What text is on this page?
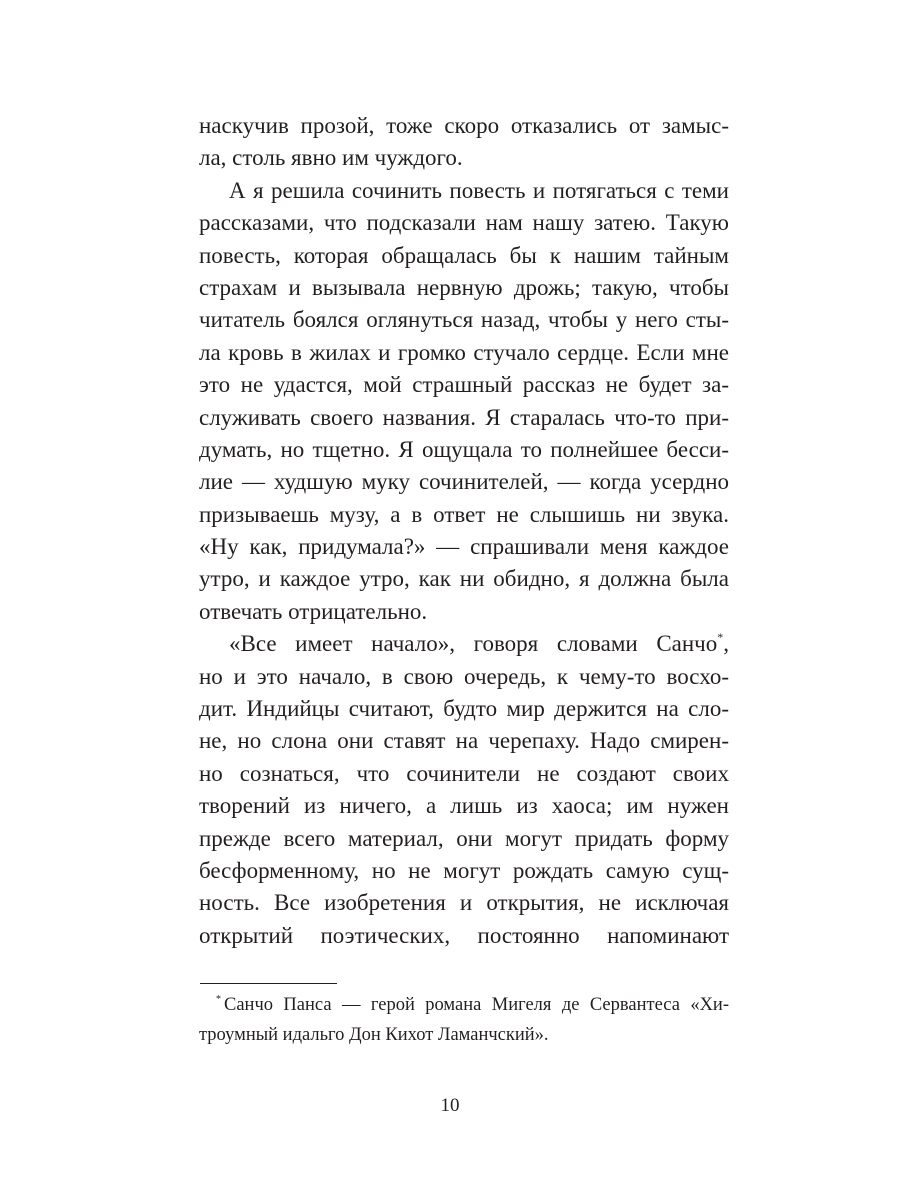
наскучив прозой, тоже скоро отказались от замыс-
ла, столь явно им чуждого.
А я решила сочинить повесть и потягаться с теми
рассказами, что подсказали нам нашу затею. Такую
повесть, которая обращалась бы к нашим тайным
страхам и вызывала нервную дрожь; такую, чтобы
читатель боялся оглянуться назад, чтобы у него сты-
ла кровь в жилах и громко стучало сердце. Если мне
это не удастся, мой страшный рассказ не будет за-
служивать своего названия. Я старалась что-то при-
думать, но тщетно. Я ощущала то полнейшее бесси-
лие — худшую муку сочинителей, — когда усердно
призываешь музу, а в ответ не слышишь ни звука.
«Ну как, придумала?» — спрашивали меня каждое
утро, и каждое утро, как ни обидно, я должна была
отвечать отрицательно.
«Все имеет начало», говоря словами Санчо*,
но и это начало, в свою очередь, к чему-то восхо-
дит. Индийцы считают, будто мир держится на сло-
не, но слона они ставят на черепаху. Надо смирен-
но сознаться, что сочинители не создают своих
творений из ничего, а лишь из хаоса; им нужен
прежде всего материал, они могут придать форму
бесформенному, но не могут рождать самую сущ-
ность. Все изобретения и открытия, не исключая
открытий поэтических, постоянно напоминают
* Санчо Панса — герой романа Мигеля де Сервантеса «Хи-
троумный идальго Дон Кихот Ламанчский».
10
